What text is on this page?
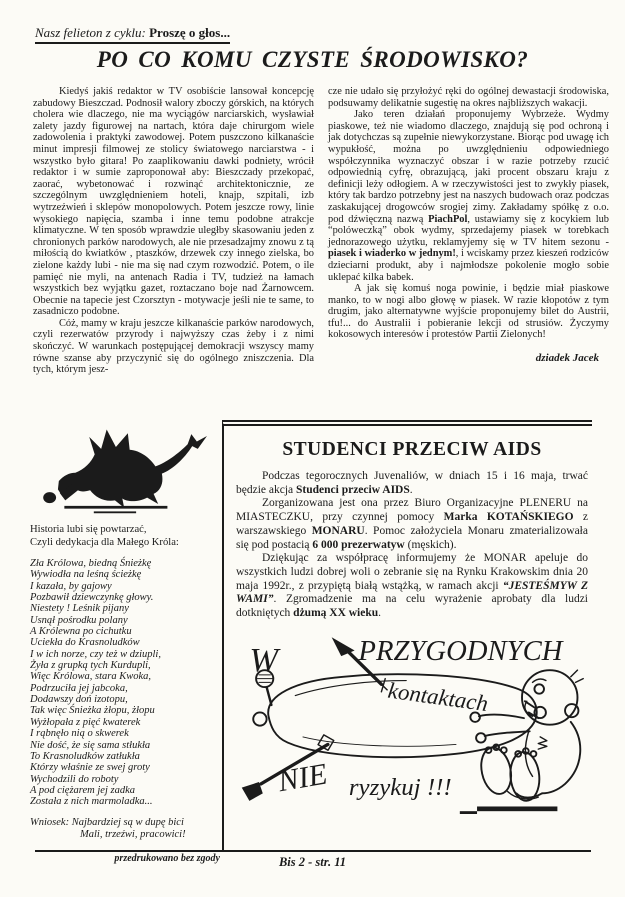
Nasz felieton z cyklu: Proszę o głos...
PO CO KOMU CZYSTE ŚRODOWISKO?

Kiedyś jakiś redaktor w TV osobiście lansował koncepcję zabudowy Bieszczad. Podnosił walory zboczy górskich, na których cholera wie dlaczego, nie ma wyciągów narciarskich, wysławiał zalety jazdy figurowej na nartach, która daje chirurgom wiele zadowolenia i praktyki zawodowej. Potem puszczono kilkanaście minut impresji filmowej ze stolicy światowego narciarstwa - i wszystko było gitara! Po zaaplikowaniu dawki podniety, wrócił redaktor i w sumie zaproponował aby: Bieszczady przekopać, zaorać, wybetonować i rozwinąć architektonicznie, ze szczególnym uwzględnieniem hoteli, knajp, szpitali, izb wytrzeźwień i sklepów monopolowych. Potem jeszcze rowy, linie wysokiego napięcia, szamba i inne temu podobne atrakcje klimatyczne. W ten sposób wprawdzie uległby skasowaniu jeden z chronionych parków narodowych, ale nie przesadzajmy znowu z tą miłością do kwiatków , ptaszków, drzewek czy innego zielska, bo zielone każdy lubi - nie ma się nad czym rozwodzić. Potem, o ile pamięć nie myli, na antenach Radia i TV, tudzież na łamach wszystkich bez wyjątku gazet, roztaczano boje nad Żarnowcem. Obecnie na tapecie jest Czorsztyn - motywacje jeśli nie te same, to zasadniczo podobne.

Cóż, mamy w kraju jeszcze kilkanaście parków narodowych, czyli rezerwatów przyrody i najwyższy czas żeby i z nimi skończyć. W warunkach postępującej demokracji wszyscy mamy równe szanse aby przyczynić się do ogólnego zniszczenia. Dla tych, którym jesz-

cze nie udało się przyłożyć ręki do ogólnej dewastacji środowiska, podsuwamy delikatnie sugestię na okres najbliższych wakacji.

Jako teren działań proponujemy Wybrzeże. Wydmy piaskowe, też nie wiadomo dlaczego, znajdują się pod ochroną i jak dotychczas są zupełnie niewykorzystane. Biorąc pod uwagę ich wypukłość, można po uwzględnieniu odpowiedniego współczynnika wyznaczyć obszar i w razie potrzeby rzucić odpowiednią cyfrę, obrazującą, jaki procent obszaru kraju z definicji leży odłogiem. A w rzeczywistości jest to zwykły piasek, który tak bardzo potrzebny jest na naszych budowach oraz podczas zaskakującej drogowców srogiej zimy. Zakładamy spółkę z o.o. pod dźwięczną nazwą PiachPol, ustawiamy się z kocykiem lub “polóweczką” obok wydmy, sprzedajemy piasek w torebkach jednorazowego użytku, reklamyjemy się w TV hitem sezonu - piasek i wiaderko w jednym!, i wciskamy przez kieszeń rodziców dzieciarni produkt, aby i najmłodsze pokolenie mogło sobie uklepać kilka babek.

A jak się komuś noga powinie, i będzie miał piaskowe manko, to w nogi albo głowę w piasek. W razie kłopotów z tym drugim, jako alternatywne wyjście proponujemy bilet do Austrii, tfu!... do Australii i pobieranie lekcji od strusiów. Życzymy kokosowych interesów i protestów Partii Zielonych!

dziadek Jacek
Historia lubi się powtarzać,
Czyli dedykacja dla Małego Króla:
Zła Królowa, biedną Śnieżkę
Wywiodła na leśną ścieżkę
I kazała, by gajowy
Pozbawił dziewczynkę głowy.
Niestety ! Leśnik pijany
Usnął pośrodku polany
A Królewna po cichutku
Uciekła do Krasnoludków
I w ich norze, czy też w dziupli,
Żyła z grupką tych Kurdupli,
Więc Królowa, stara Kwoka,
Podrzuciła jej jabcoka,
Dodawszy doń izotopu,
Tak więc Śnieżka żłopu, żłopu
Wyżłopała z pięć kwaterek
I rąbnęło nią o skwerek
Nie dość, że się sama stłukła
To Krasnoludków zatłukła
Którzy właśnie ze swej groty
Wychodzili do roboty
A pod ciężarem jej zadka
Została z nich marmoladka...
Wniosek: Najbardziej są w dupę bici
Mali, trzeźwi, pracowici!
przedrukowano bez zgody
STUDENCI PRZECIW AIDS

Podczas tegorocznych Juvenaliów, w dniach 15 i 16 maja, trwać będzie akcja Studenci przeciw AIDS.

Zorganizowana jest ona przez Biuro Organizacyjne PLENERU na MIASTECZKU, przy czynnej pomocy Marka KOTAŃSKIEGO z warszawskiego MONARU. Pomoc założyciela Monaru zmaterializowała się pod postacią 6 000 prezerwatyw (męskich).

Dziękując za współpracę informujemy że MONAR apeluje do wszystkich ludzi dobrej woli o zebranie się na Rynku Krakowskim dnia 20 maja 1992r., z przypiętą białą wstążką, w ramach akcji “JESTEŚMYW Z WAMI”. Zgromadzenie ma na celu wyrażenie aprobaty dla ludzi dotkniętych dżumą XX wieku.

W	PRZYGODNYCH
kontaktach
NIE ryzykuj !!!
Bis 2 - str. 11
